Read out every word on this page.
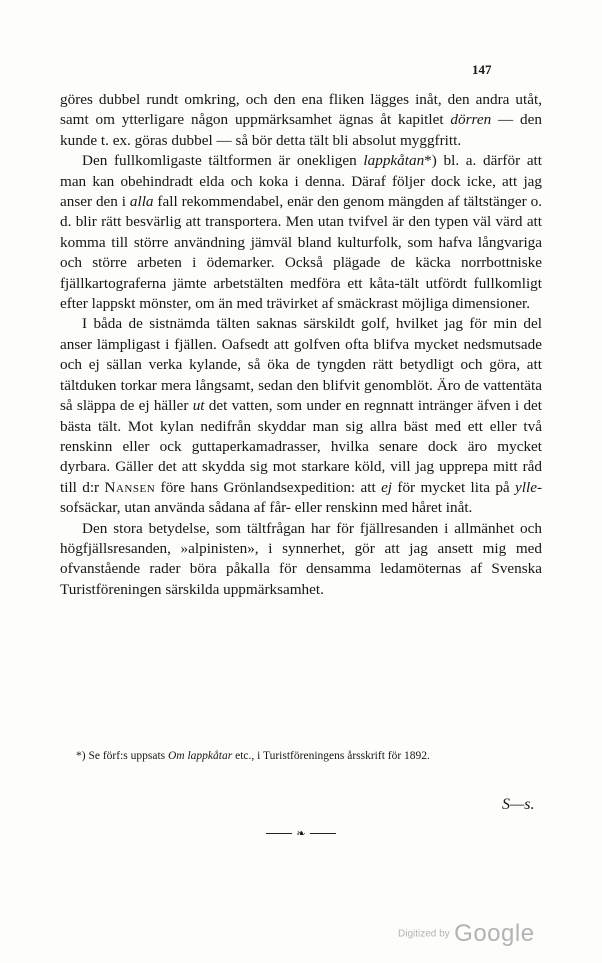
147

göres dubbel rundt omkring, och den ena fliken lägges inåt, den andra utåt, samt om ytterligare någon uppmärksamhet ägnas åt kapitlet dörren — den kunde t. ex. göras dubbel — så bör detta tält bli absolut myggfritt.

Den fullkomligaste tältformen är onekligen lappkåtan*) bl. a. därför att man kan obehindradt elda och koka i denna. Däraf följer dock icke, att jag anser den i alla fall rekommendabel, enär den genom mängden af tältstänger o. d. blir rätt besvärlig att transportera. Men utan tvifvel är den typen väl värd att komma till större användning jämväl bland kulturfolk, som hafva långvariga och större arbeten i ödemarker. Också plägade de käcka norrbottniske fjällkartograferna jämte arbetstälten medföra ett kåta-tält utfördt fullkomligt efter lappskt mönster, om än med trävirket af smäckrast möjliga dimensioner.

I båda de sistnämda tälten saknas särskildt golf, hvilket jag för min del anser lämpligast i fjällen. Oafsedt att golfven ofta blifva mycket nedsmutsade och ej sällan verka kylande, så öka de tyngden rätt betydligt och göra, att tältduken torkar mera långsamt, sedan den blifvit genomblöt. Äro de vattentäta så släppa de ej häller ut det vatten, som under en regnnatt intränger äfven i det bästa tält. Mot kylan nedifrån skyddar man sig allra bäst med ett eller två renskinn eller ock guttaperkamadrasser, hvilka senare dock äro mycket dyrbara. Gäller det att skydda sig mot starkare köld, vill jag upprepa mitt råd till d:r Nansen före hans Grönlandsexpedition: att ej för mycket lita på ylle-sofsäckar, utan använda sådana af får- eller renskinn med håret inåt.

Den stora betydelse, som tältfrågan har för fjällresanden i allmänhet och högfjällsresanden, »alpinisten», i synnerhet, gör att jag ansett mig med ofvanstående rader böra påkalla för densamma ledamöternas af Svenska Turistföreningen särskilda uppmärksamhet.

*) Se förf:s uppsats Om lappkåtar etc., i Turistföreningens årsskrift för 1892.
S—s.
❧
Digitized by Google
